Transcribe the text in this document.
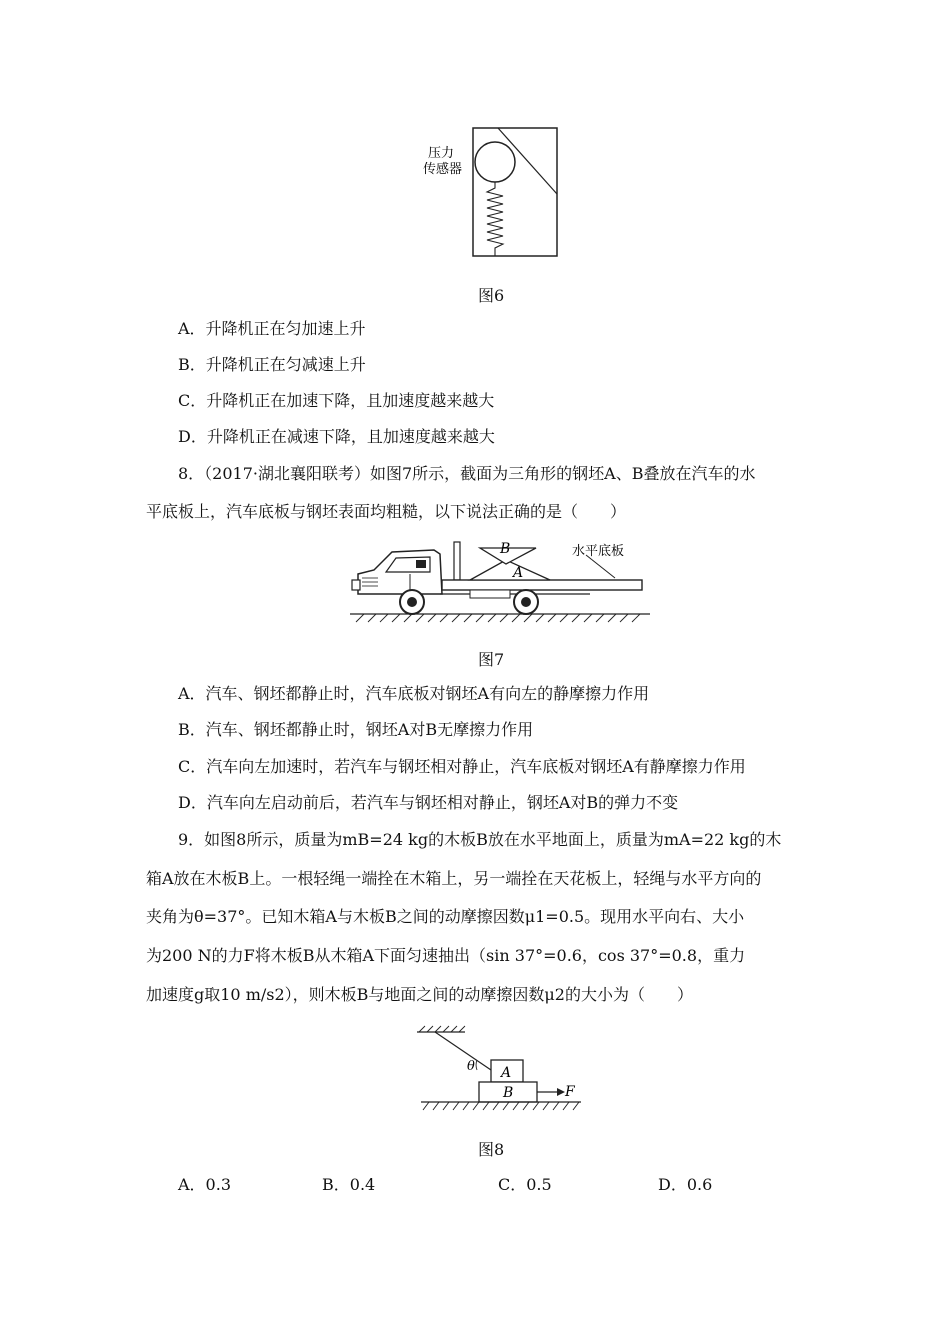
压力
传感器
图6
A．升降机正在匀加速上升
B．升降机正在匀减速上升
C．升降机正在加速下降，且加速度越来越大
D．升降机正在减速下降，且加速度越来越大
8．（2017·湖北襄阳联考）如图7所示，截面为三角形的钢坯A、B叠放在汽车的水
平底板上，汽车底板与钢坯表面均粗糙，以下说法正确的是（　　）
B
A
水平底板
图7
A．汽车、钢坯都静止时，汽车底板对钢坯A有向左的静摩擦力作用
B．汽车、钢坯都静止时，钢坯A对B无摩擦力作用
C．汽车向左加速时，若汽车与钢坯相对静止，汽车底板对钢坯A有静摩擦力作用
D．汽车向左启动前后，若汽车与钢坯相对静止，钢坯A对B的弹力不变
9．如图8所示，质量为mB=24 kg的木板B放在水平地面上，质量为mA=22 kg的木
箱A放在木板B上。一根轻绳一端拴在木箱上，另一端拴在天花板上，轻绳与水平方向的
夹角为θ=37°。已知木箱A与木板B之间的动摩擦因数μ1=0.5。现用水平向右、大小
为200 N的力F将木板B从木箱A下面匀速抽出（sin 37°=0.6，cos 37°=0.8，重力
加速度g取10 m/s2），则木板B与地面之间的动摩擦因数μ2的大小为（　　）
θ A
B	F
图8
A．0.3	B．0.4	C．0.5	D．0.6
